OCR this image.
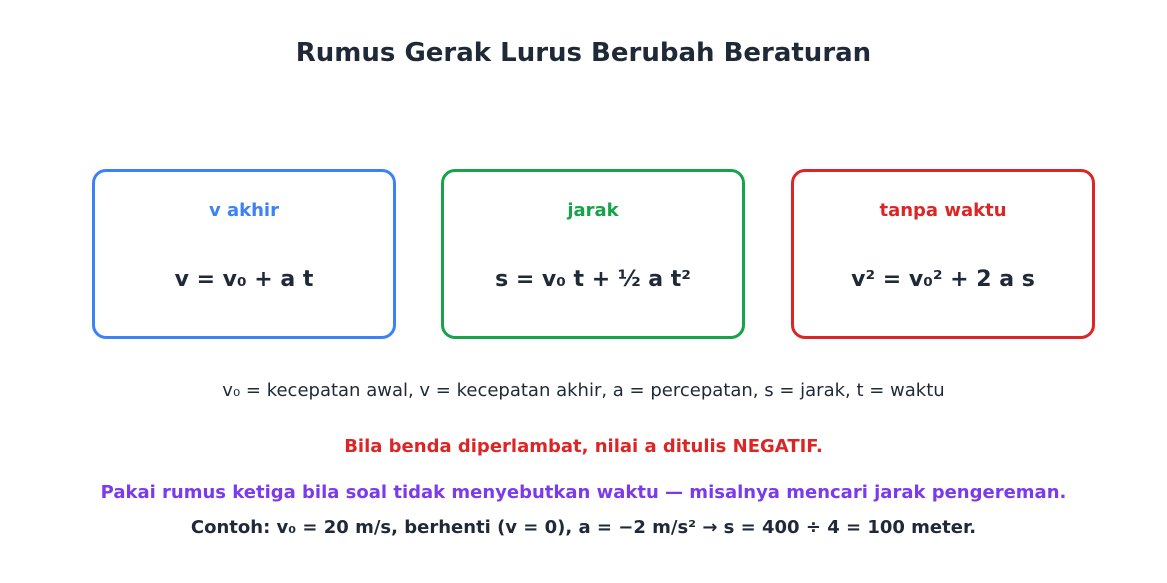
Rumus Gerak Lurus Berubah Beraturan
v akhir
v = v₀ + a t
jarak
s = v₀ t + ½ a t²
tanpa waktu
v² = v₀² + 2 a s
v₀ = kecepatan awal, v = kecepatan akhir, a = percepatan, s = jarak, t = waktu
Bila benda diperlambat, nilai a ditulis NEGATIF.
Pakai rumus ketiga bila soal tidak menyebutkan waktu — misalnya mencari jarak pengereman.
Contoh: v₀ = 20 m/s, berhenti (v = 0), a = −2 m/s² → s = 400 ÷ 4 = 100 meter.
